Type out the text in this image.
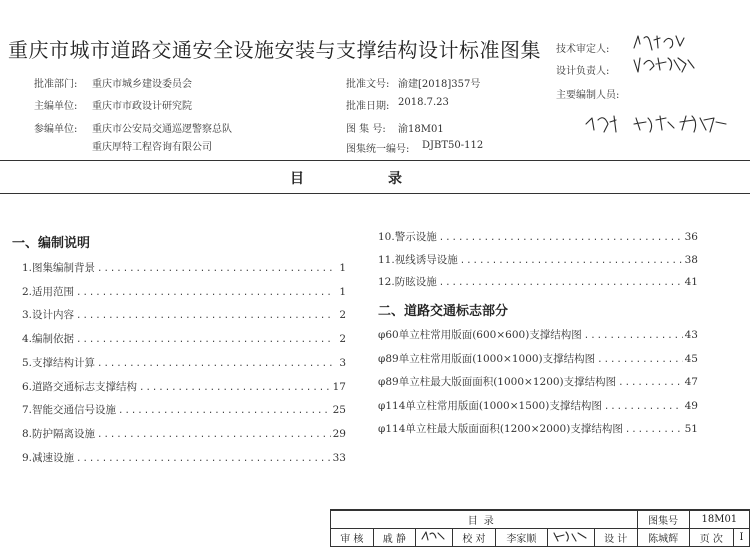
重庆市城市道路交通安全设施安装与支撑结构设计标准图集
批准部门: 重庆市城乡建设委员会
主编单位: 重庆市市政设计研究院
参编单位: 重庆市公安局交通巡逻警察总队
重庆厚特工程咨询有限公司
批准文号: 渝建[2018]357号
批准日期: 2018.7.23
图 集 号: 渝18M01
图集统一编号: DJBT50-112
技术审定人:
设计负责人:
主要编制人员:
目	录
一、编制说明
1.图集编制背景 .....	1
2.适用范围 .....	1
3.设计内容 .....	2
4.编制依据 .....	2
5.支撑结构计算 .....	3
6.道路交通标志支撑结构 .....	17
7.智能交通信号设施 .....	25
8.防护隔离设施 .....	29
9.减速设施 .....	33
10.警示设施 .....	36
11.视线诱导设施 .....	38
12.防眩设施 .....	41
二、道路交通标志部分
φ60单立柱常用版面(600×600)支撑结构图 .....	43
φ89单立柱常用版面(1000×1000)支撑结构图 .....	45
φ89单立柱最大版面面积(1000×1200)支撑结构图 .....	47
φ114单立柱常用版面(1000×1500)支撑结构图 .....	49
φ114单立柱最大版面面积(1200×2000)支撑结构图 .....	51
目录							图集号	18M01	
审 核	戚 静		校 对	李家顺		设 计	陈城辉	页 次	I
